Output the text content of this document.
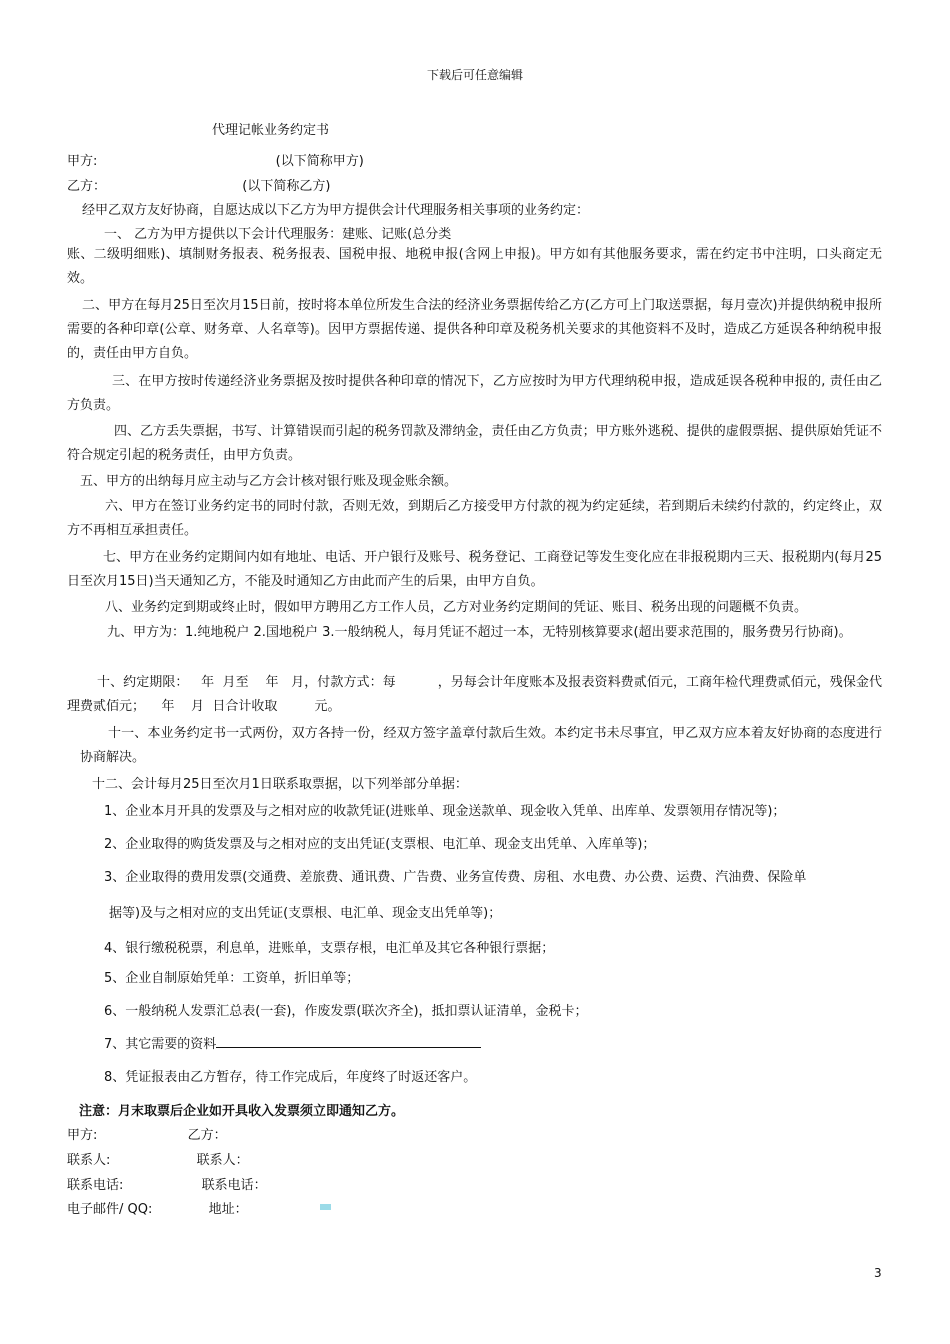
下载后可任意编辑
代理记帐业务约定书
甲方:	(以下简称甲方)
乙方：	(以下简称乙方)
经甲乙双方友好协商，自愿达成以下乙方为甲方提供会计代理服务相关事项的业务约定：
一、 乙方为甲方提供以下会计代理服务：建账、记账(总分类
账、二级明细账)、填制财务报表、税务报表、国税申报、地税申报(含网上申报)。甲方如有其他服务要求，需在约定书中注明，口头商定无效。
二、甲方在每月25日至次月15日前，按时将本单位所发生合法的经济业务票据传给乙方(乙方可上门取送票据，每月壹次)并提供纳税申报所需要的各种印章(公章、财务章、人名章等)。因甲方票据传递、提供各种印章及税务机关要求的其他资料不及时，造成乙方延误各种纳税申报的，责任由甲方自负。
三、在甲方按时传递经济业务票据及按时提供各种印章的情况下，乙方应按时为甲方代理纳税申报，造成延误各税种申报的, 责任由乙方负责。
四、乙方丢失票据，书写、计算错误而引起的税务罚款及滞纳金，责任由乙方负责；甲方账外逃税、提供的虚假票据、提供原始凭证不符合规定引起的税务责任，由甲方负责。
五、甲方的出纳每月应主动与乙方会计核对银行账及现金账余额。
六、甲方在签订业务约定书的同时付款，否则无效，到期后乙方接受甲方付款的视为约定延续，若到期后未续约付款的，约定终止，双方不再相互承担责任。
七、甲方在业务约定期间内如有地址、电话、开户银行及账号、税务登记、工商登记等发生变化应在非报税期内三天、报税期内(每月25日至次月15日)当天通知乙方，不能及时通知乙方由此而产生的后果，由甲方自负。
八、业务约定到期或终止时，假如甲方聘用乙方工作人员，乙方对业务约定期间的凭证、账目、税务出现的问题概不负责。
九、甲方为：1.纯地税户 2.国地税户 3.一般纳税人，每月凭证不超过一本，无特别核算要求(超出要求范围的，服务费另行协商)。
十、约定期限：   年  月至    年   月，付款方式：每          ，另每会计年度账本及报表资料费贰佰元，工商年检代理费贰佰元，残保金代理费贰佰元；    年    月  日合计收取         元。
十一、本业务约定书一式两份，双方各持一份，经双方签字盖章付款后生效。本约定书未尽事宜，甲乙双方应本着友好协商的态度进行协商解决。
十二、会计每月25日至次月1日联系取票据，以下列举部分单据：
1、企业本月开具的发票及与之相对应的收款凭证(进账单、现金送款单、现金收入凭单、出库单、发票领用存情况等)；
2、企业取得的购货发票及与之相对应的支出凭证(支票根、电汇单、现金支出凭单、入库单等)；
3、企业取得的费用发票(交通费、差旅费、通讯费、广告费、业务宣传费、房租、水电费、办公费、运费、汽油费、保险单
据等)及与之相对应的支出凭证(支票根、电汇单、现金支出凭单等)；
4、银行缴税税票，利息单，进账单，支票存根，电汇单及其它各种银行票据；
5、企业自制原始凭单：工资单，折旧单等；
6、一般纳税人发票汇总表(一套)，作废发票(联次齐全)，抵扣票认证清单，金税卡；
7、其它需要的资料
8、凭证报表由乙方暂存，待工作完成后，年度终了时返还客户。
注意：月末取票后企业如开具收入发票须立即通知乙方。
甲方:	乙方：
联系人:	联系人：
联系电话:	联系电话：
电子邮件/ QQ:	地址：
3
